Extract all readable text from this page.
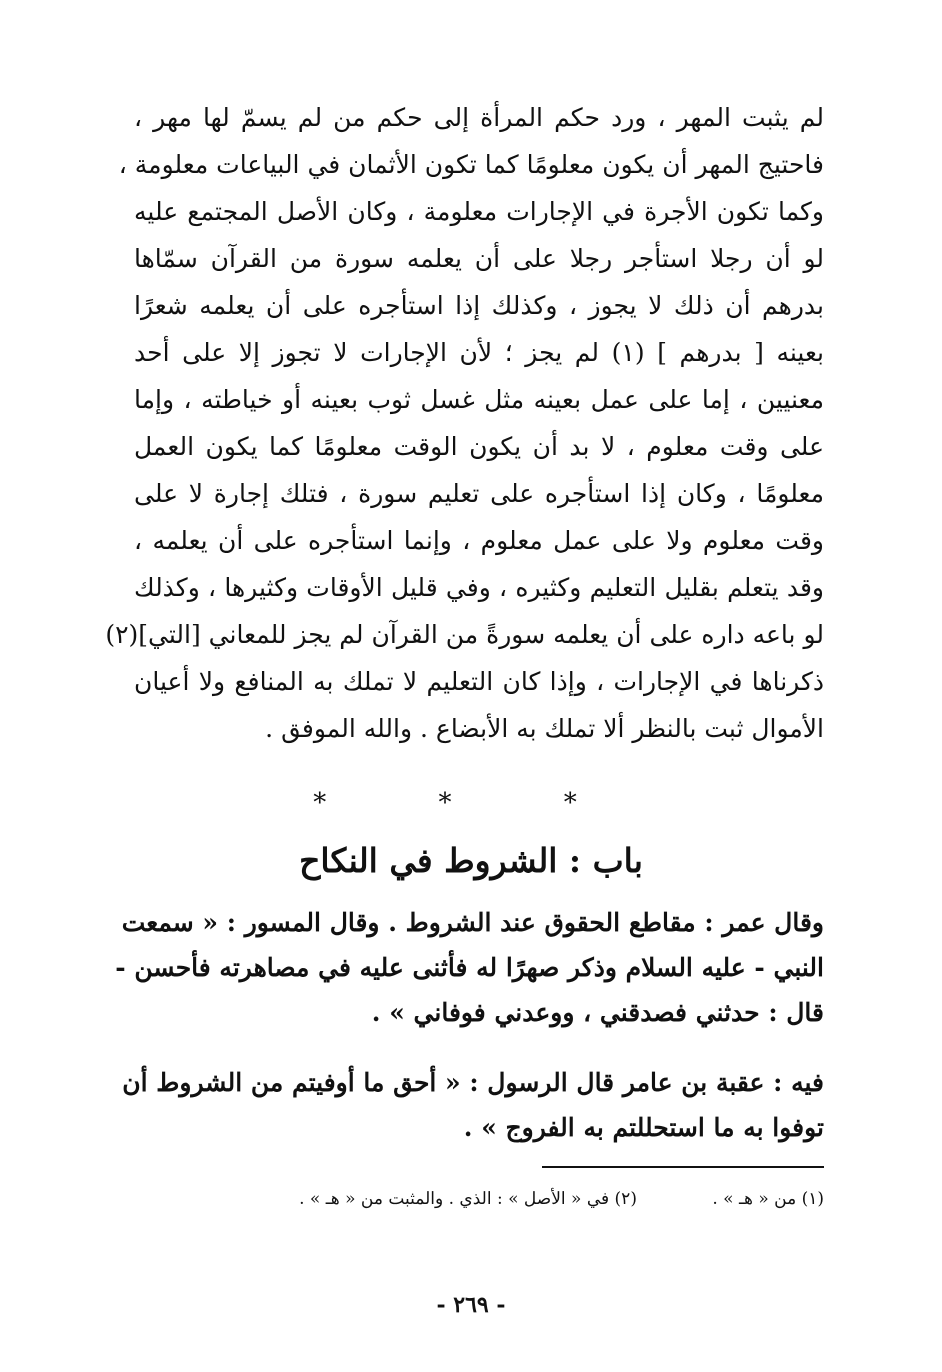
لم يثبت المهر ، ورد حكم المرأة إلى حكم من لم يسمّ لها مهر ،
فاحتيج المهر أن يكون معلومًا كما تكون الأثمان في البياعات معلومة ،
وكما تكون الأجرة في الإجارات معلومة ، وكان الأصل المجتمع عليه
لو أن رجلا استأجر رجلا على أن يعلمه سورة من القرآن سمّاها
بدرهم أن ذلك لا يجوز ، وكذلك إذا استأجره على أن يعلمه شعرًا
بعينه [ بدرهم ] (١) لم يجز ؛ لأن الإجارات لا تجوز إلا على أحد
معنيين ، إما على عمل بعينه مثل غسل ثوب بعينه أو خياطته ، وإما
على وقت معلوم ، لا بد أن يكون الوقت معلومًا كما يكون العمل
معلومًا ، وكان إذا استأجره على تعليم سورة ، فتلك إجارة لا على
وقت معلوم ولا على عمل معلوم ، وإنما استأجره على أن يعلمه ،
وقد يتعلم بقليل التعليم وكثيره ، وفي قليل الأوقات وكثيرها ، وكذلك
لو باعه داره على أن يعلمه سورةً من القرآن لم يجز للمعاني [التي](٢)
ذكرناها في الإجارات ، وإذا كان التعليم لا تملك به المنافع ولا أعيان
الأموال ثبت بالنظر ألا تملك به الأبضاع . والله الموفق .
* * *
باب : الشروط في النكاح
وقال عمر : مقاطع الحقوق عند الشروط . وقال المسور : « سمعت
النبي - عليه السلام وذكر صهرًا له فأثنى عليه في مصاهرته فأحسن -
قال : حدثني فصدقني ، ووعدني فوفاني » .
فيه : عقبة بن عامر قال الرسول : « أحق ما أوفيتم من الشروط أن
توفوا به ما استحللتم به الفروج » .
(١) من « هـ » . (٢) في « الأصل » : الذي . والمثبت من « هـ » .
- ٢٦٩ -
